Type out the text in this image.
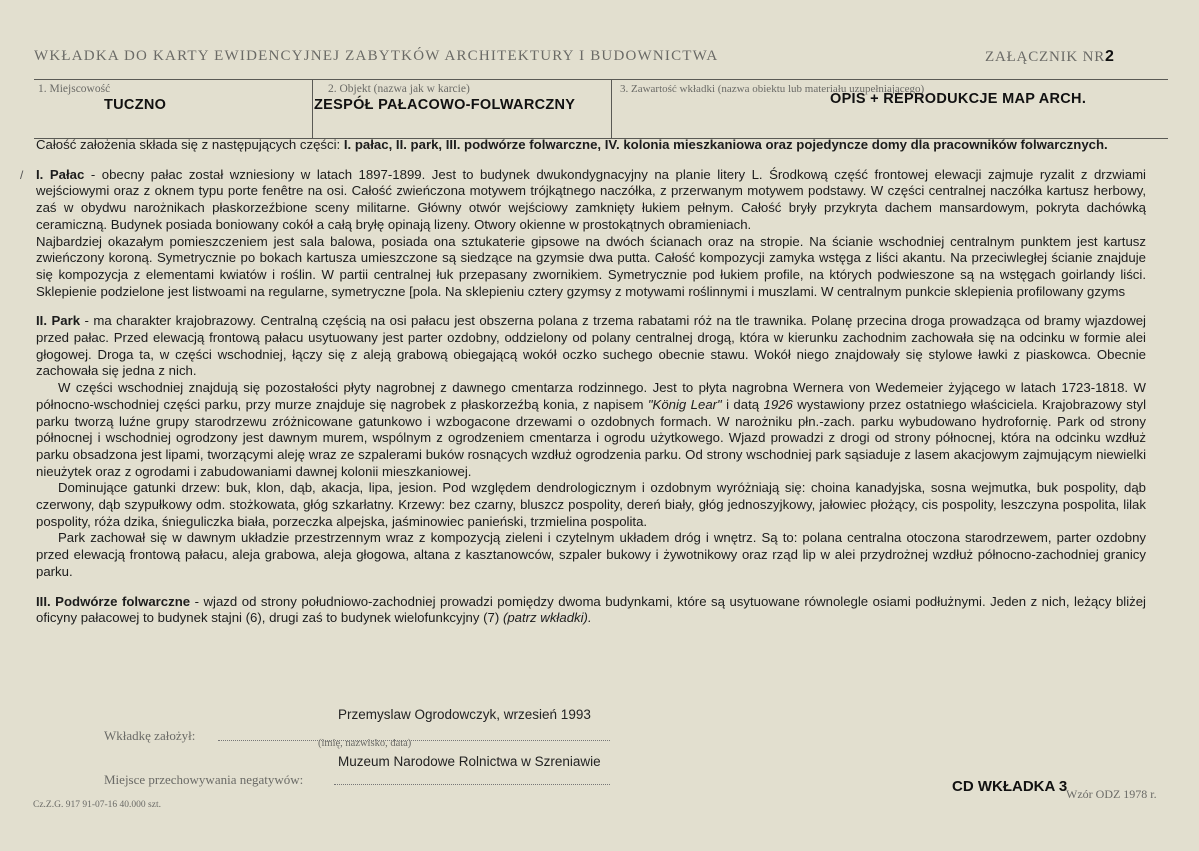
WKŁADKA DO KARTY EWIDENCYJNEJ ZABYTKÓW ARCHITEKTURY I BUDOWNICTWA	ZAŁĄCZNIK NR2
1. Miejscowość
TUCZNO
2. Objekt (nazwa jak w karcie)
ZESPÓŁ PAŁACOWO-FOLWARCZNY
3. Zawartość wkładki (nazwa obiektu lub materiału uzupełniającego)
OPIS + REPRODUKCJE MAP ARCH.
/

Całość założenia składa się z następujących części: I. pałac, II. park, III. podwórze folwarczne, IV. kolonia mieszkaniowa oraz pojedyncze domy dla pracowników folwarcznych.

I. Pałac - obecny pałac został wzniesiony w latach 1897-1899. Jest to budynek dwukondygnacyjny na planie litery L. Środkową część frontowej elewacji zajmuje ryzalit z drzwiami wejściowymi oraz z oknem typu porte fenêtre na osi. Całość zwieńczona motywem trójkątnego naczółka, z przerwanym motywem podstawy. W części centralnej naczółka kartusz herbowy, zaś w obydwu narożnikach płaskorzeźbione sceny militarne. Główny otwór wejściowy zamknięty łukiem pełnym. Całość bryły przykryta dachem mansardowym, pokryta dachówką ceramiczną. Budynek posiada boniowany cokół a całą bryłę opinają lizeny. Otwory okienne w prostokątnych obramieniach.

Najbardziej okazałym pomieszczeniem jest sala balowa, posiada ona sztukaterie gipsowe na dwóch ścianach oraz na stropie. Na ścianie wschodniej centralnym punktem jest kartusz zwieńczony koroną. Symetrycznie po bokach kartusza umieszczone są siedzące na gzymsie dwa putta. Całość kompozycji zamyka wstęga z liści akantu. Na przeciwległej ścianie znajduje się kompozycja z elementami kwiatów i roślin. W partii centralnej łuk przepasany zwornikiem. Symetrycznie pod łukiem profile, na których podwieszone są na wstęgach goirlandy liści. Sklepienie podzielone jest listwoami na regularne, symetryczne [pola. Na sklepieniu cztery gzymsy z motywami roślinnymi i muszlami. W centralnym punkcie sklepienia profilowany gzyms

II. Park - ma charakter krajobrazowy. Centralną częścią na osi pałacu jest obszerna polana z trzema rabatami róż na tle trawnika. Polanę przecina droga prowadząca od bramy wjazdowej przed pałac. Przed elewacją frontową pałacu usytuowany jest parter ozdobny, oddzielony od polany centralnej drogą, która w kierunku zachodnim zachowała się na odcinku w formie alei głogowej. Droga ta, w części wschodniej, łączy się z aleją grabową obiegającą wokół oczko suchego obecnie stawu. Wokół niego znajdowały się stylowe ławki z piaskowca. Obecnie zachowała się jedna z nich.

W części wschodniej znajdują się pozostałości płyty nagrobnej z dawnego cmentarza rodzinnego. Jest to płyta nagrobna Wernera von Wedemeier żyjącego w latach 1723-1818. W północno-wschodniej części parku, przy murze znajduje się nagrobek z płaskorzeźbą konia, z napisem "König Lear" i datą 1926 wystawiony przez ostatniego właściciela. Krajobrazowy styl parku tworzą luźne grupy starodrzewu zróżnicowane gatunkowo i wzbogacone drzewami o ozdobnych formach. W narożniku płn.-zach. parku wybudowano hydrofornię. Park od strony północnej i wschodniej ogrodzony jest dawnym murem, wspólnym z ogrodzeniem cmentarza i ogrodu użytkowego. Wjazd prowadzi z drogi od strony północnej, która na odcinku wzdłuż parku obsadzona jest lipami, tworzącymi aleję wraz ze szpalerami buków rosnących wzdłuż ogrodzenia parku. Od strony wschodniej park sąsiaduje z lasem akacjowym zajmującym niewielki nieużytek oraz z ogrodami i zabudowaniami dawnej kolonii mieszkaniowej.

Dominujące gatunki drzew: buk, klon, dąb, akacja, lipa, jesion. Pod względem dendrologicznym i ozdobnym wyróżniają się: choina kanadyjska, sosna wejmutka, buk pospolity, dąb czerwony, dąb szypułkowy odm. stożkowata, głóg szkarłatny. Krzewy: bez czarny, bluszcz pospolity, dereń biały, głóg jednoszyjkowy, jałowiec płożący, cis pospolity, leszczyna pospolita, lilak pospolity, róża dzika, śnieguliczka biała, porzeczka alpejska, jaśminowiec panieński, trzmielina pospolita.

Park zachował się w dawnym układzie przestrzennym wraz z kompozycją zieleni i czytelnym układem dróg i wnętrz. Są to: polana centralna otoczona starodrzewem, parter ozdobny przed elewacją frontową pałacu, aleja grabowa, aleja głogowa, altana z kasztanowców, szpaler bukowy i żywotnikowy oraz rząd lip w alei przydrożnej wzdłuż północno-zachodniej granicy parku.

III. Podwórze folwarczne - wjazd od strony południowo-zachodniej prowadzi pomiędzy dwoma budynkami, które są usytuowane równolegle osiami podłużnymi. Jeden z nich, leżący bliżej oficyny pałacowej to budynek stajni (6), drugi zaś to budynek wielofunkcyjny (7) (patrz wkładki).

Przemyslaw Ogrodowczyk, wrzesień 1993
Wkładkę założył:
(imię, nazwisko, data)
Muzeum Narodowe Rolnictwa w Szreniawie
Miejsce przechowywania negatywów:	CD WKŁADKA 3
Wzór ODZ 1978 r.
Cz.Z.G. 917 91-07-16 40.000 szt.
